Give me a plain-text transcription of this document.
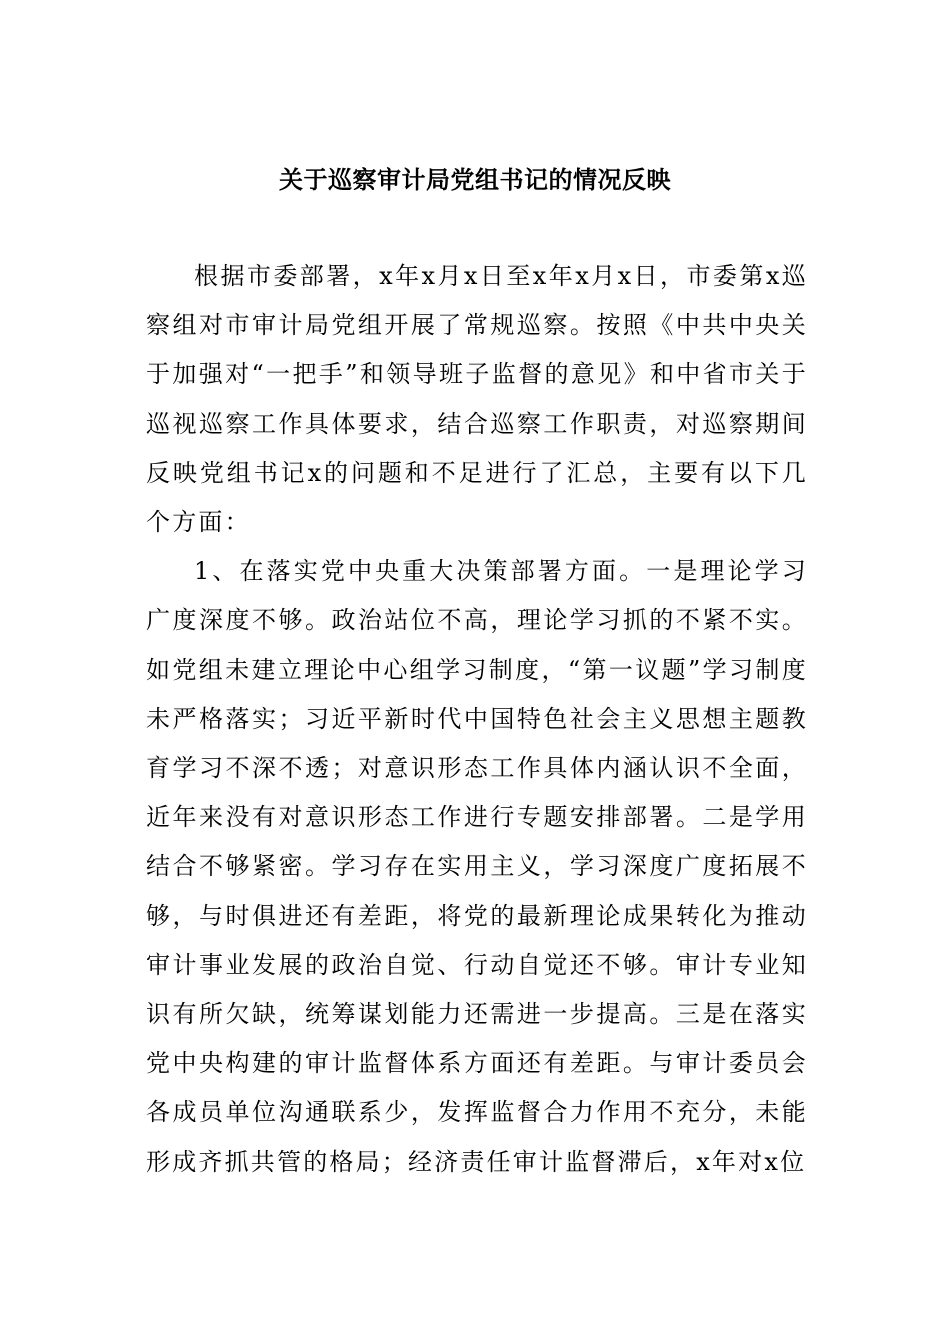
关于巡察审计局党组书记的情况反映

根据市委部署，x年x月x日至x年x月x日，市委第x巡察组对市审计局党组开展了常规巡察。按照《中共中央关于加强对“一把手”和领导班子监督的意见》和中省市关于巡视巡察工作具体要求，结合巡察工作职责，对巡察期间反映党组书记x的问题和不足进行了汇总，主要有以下几个方面：

1、在落实党中央重大决策部署方面。一是理论学习广度深度不够。政治站位不高，理论学习抓的不紧不实。如党组未建立理论中心组学习制度，“第一议题”学习制度未严格落实；习近平新时代中国特色社会主义思想主题教育学习不深不透；对意识形态工作具体内涵认识不全面，近年来没有对意识形态工作进行专题安排部署。二是学用结合不够紧密。学习存在实用主义，学习深度广度拓展不够，与时俱进还有差距，将党的最新理论成果转化为推动审计事业发展的政治自觉、行动自觉还不够。审计专业知识有所欠缺，统筹谋划能力还需进一步提高。三是在落实党中央构建的审计监督体系方面还有差距。与审计委员会各成员单位沟通联系少，发挥监督合力作用不充分，未能形成齐抓共管的格局；经济责任审计监督滞后，x年对x位
